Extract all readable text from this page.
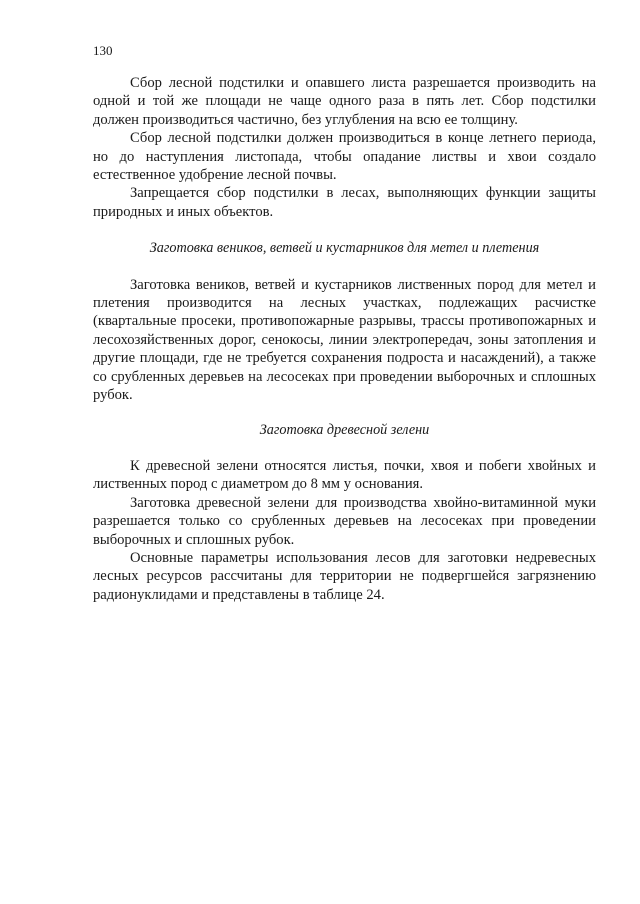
130

Сбор лесной подстилки и опавшего листа разрешается производить на одной и той же площади не чаще одного раза в пять лет. Сбор подстилки должен производиться частично, без углубления на всю ее толщину.

Сбор лесной подстилки должен производиться в конце летнего периода, но до наступления листопада, чтобы опадание листвы и хвои создало естественное удобрение лесной почвы.

Запрещается сбор подстилки в лесах, выполняющих функции защиты природных и иных объектов.

Заготовка веников, ветвей и кустарников для метел и плетения

Заготовка веников, ветвей и кустарников лиственных пород для метел и плетения производится на лесных участках, подлежащих расчистке (квартальные просеки, противопожарные разрывы, трассы противопожарных и лесохозяйственных дорог, сенокосы, линии электропередач, зоны затопления и другие площади, где не требуется сохранения подроста и насаждений), а также со срубленных деревьев на лесосеках при проведении выборочных и сплошных рубок.

Заготовка древесной зелени

К древесной зелени относятся листья, почки, хвоя и побеги хвойных и лиственных пород с диаметром до 8 мм у основания.

Заготовка древесной зелени для производства хвойно-витаминной муки разрешается только со срубленных деревьев на лесосеках при проведении выборочных и сплошных рубок.

Основные параметры использования лесов для заготовки недревесных лесных ресурсов рассчитаны для территории не подвергшейся загрязнению радионуклидами и представлены в таблице 24.
